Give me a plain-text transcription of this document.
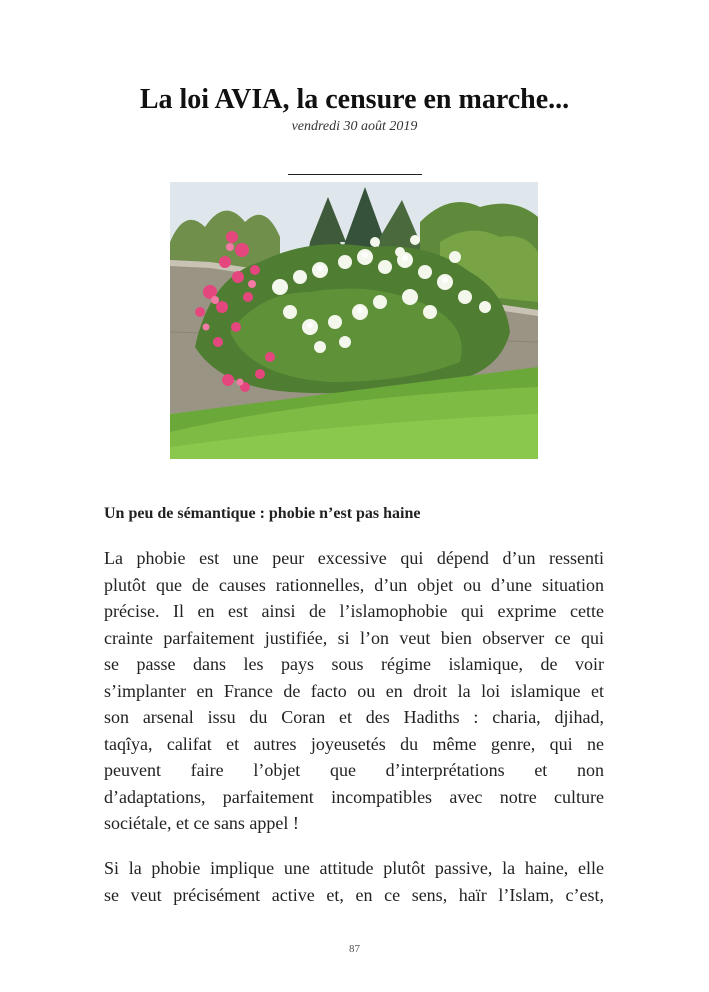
La loi AVIA, la censure en marche...
vendredi 30 août 2019
Un peu de sémantique : phobie n’est pas haine
La phobie est une peur excessive qui dépend d’un ressenti
plutôt que de causes rationnelles, d’un objet ou d’une situation
précise. Il en est ainsi de l’islamophobie qui exprime cette
crainte parfaitement justifiée, si l’on veut bien observer ce qui
se passe dans les pays sous régime islamique, de voir
s’implanter en France de facto ou en droit la loi islamique et
son arsenal issu du Coran et des Hadiths : charia, djihad,
taqîya, califat et autres joyeusetés du même genre, qui ne
peuvent faire l’objet que d’interprétations et non
d’adaptations, parfaitement incompatibles avec notre culture
sociétale, et ce sans appel !
Si la phobie implique une attitude plutôt passive, la haine, elle
se veut précisément active et, en ce sens, haïr l’Islam, c’est,
87
